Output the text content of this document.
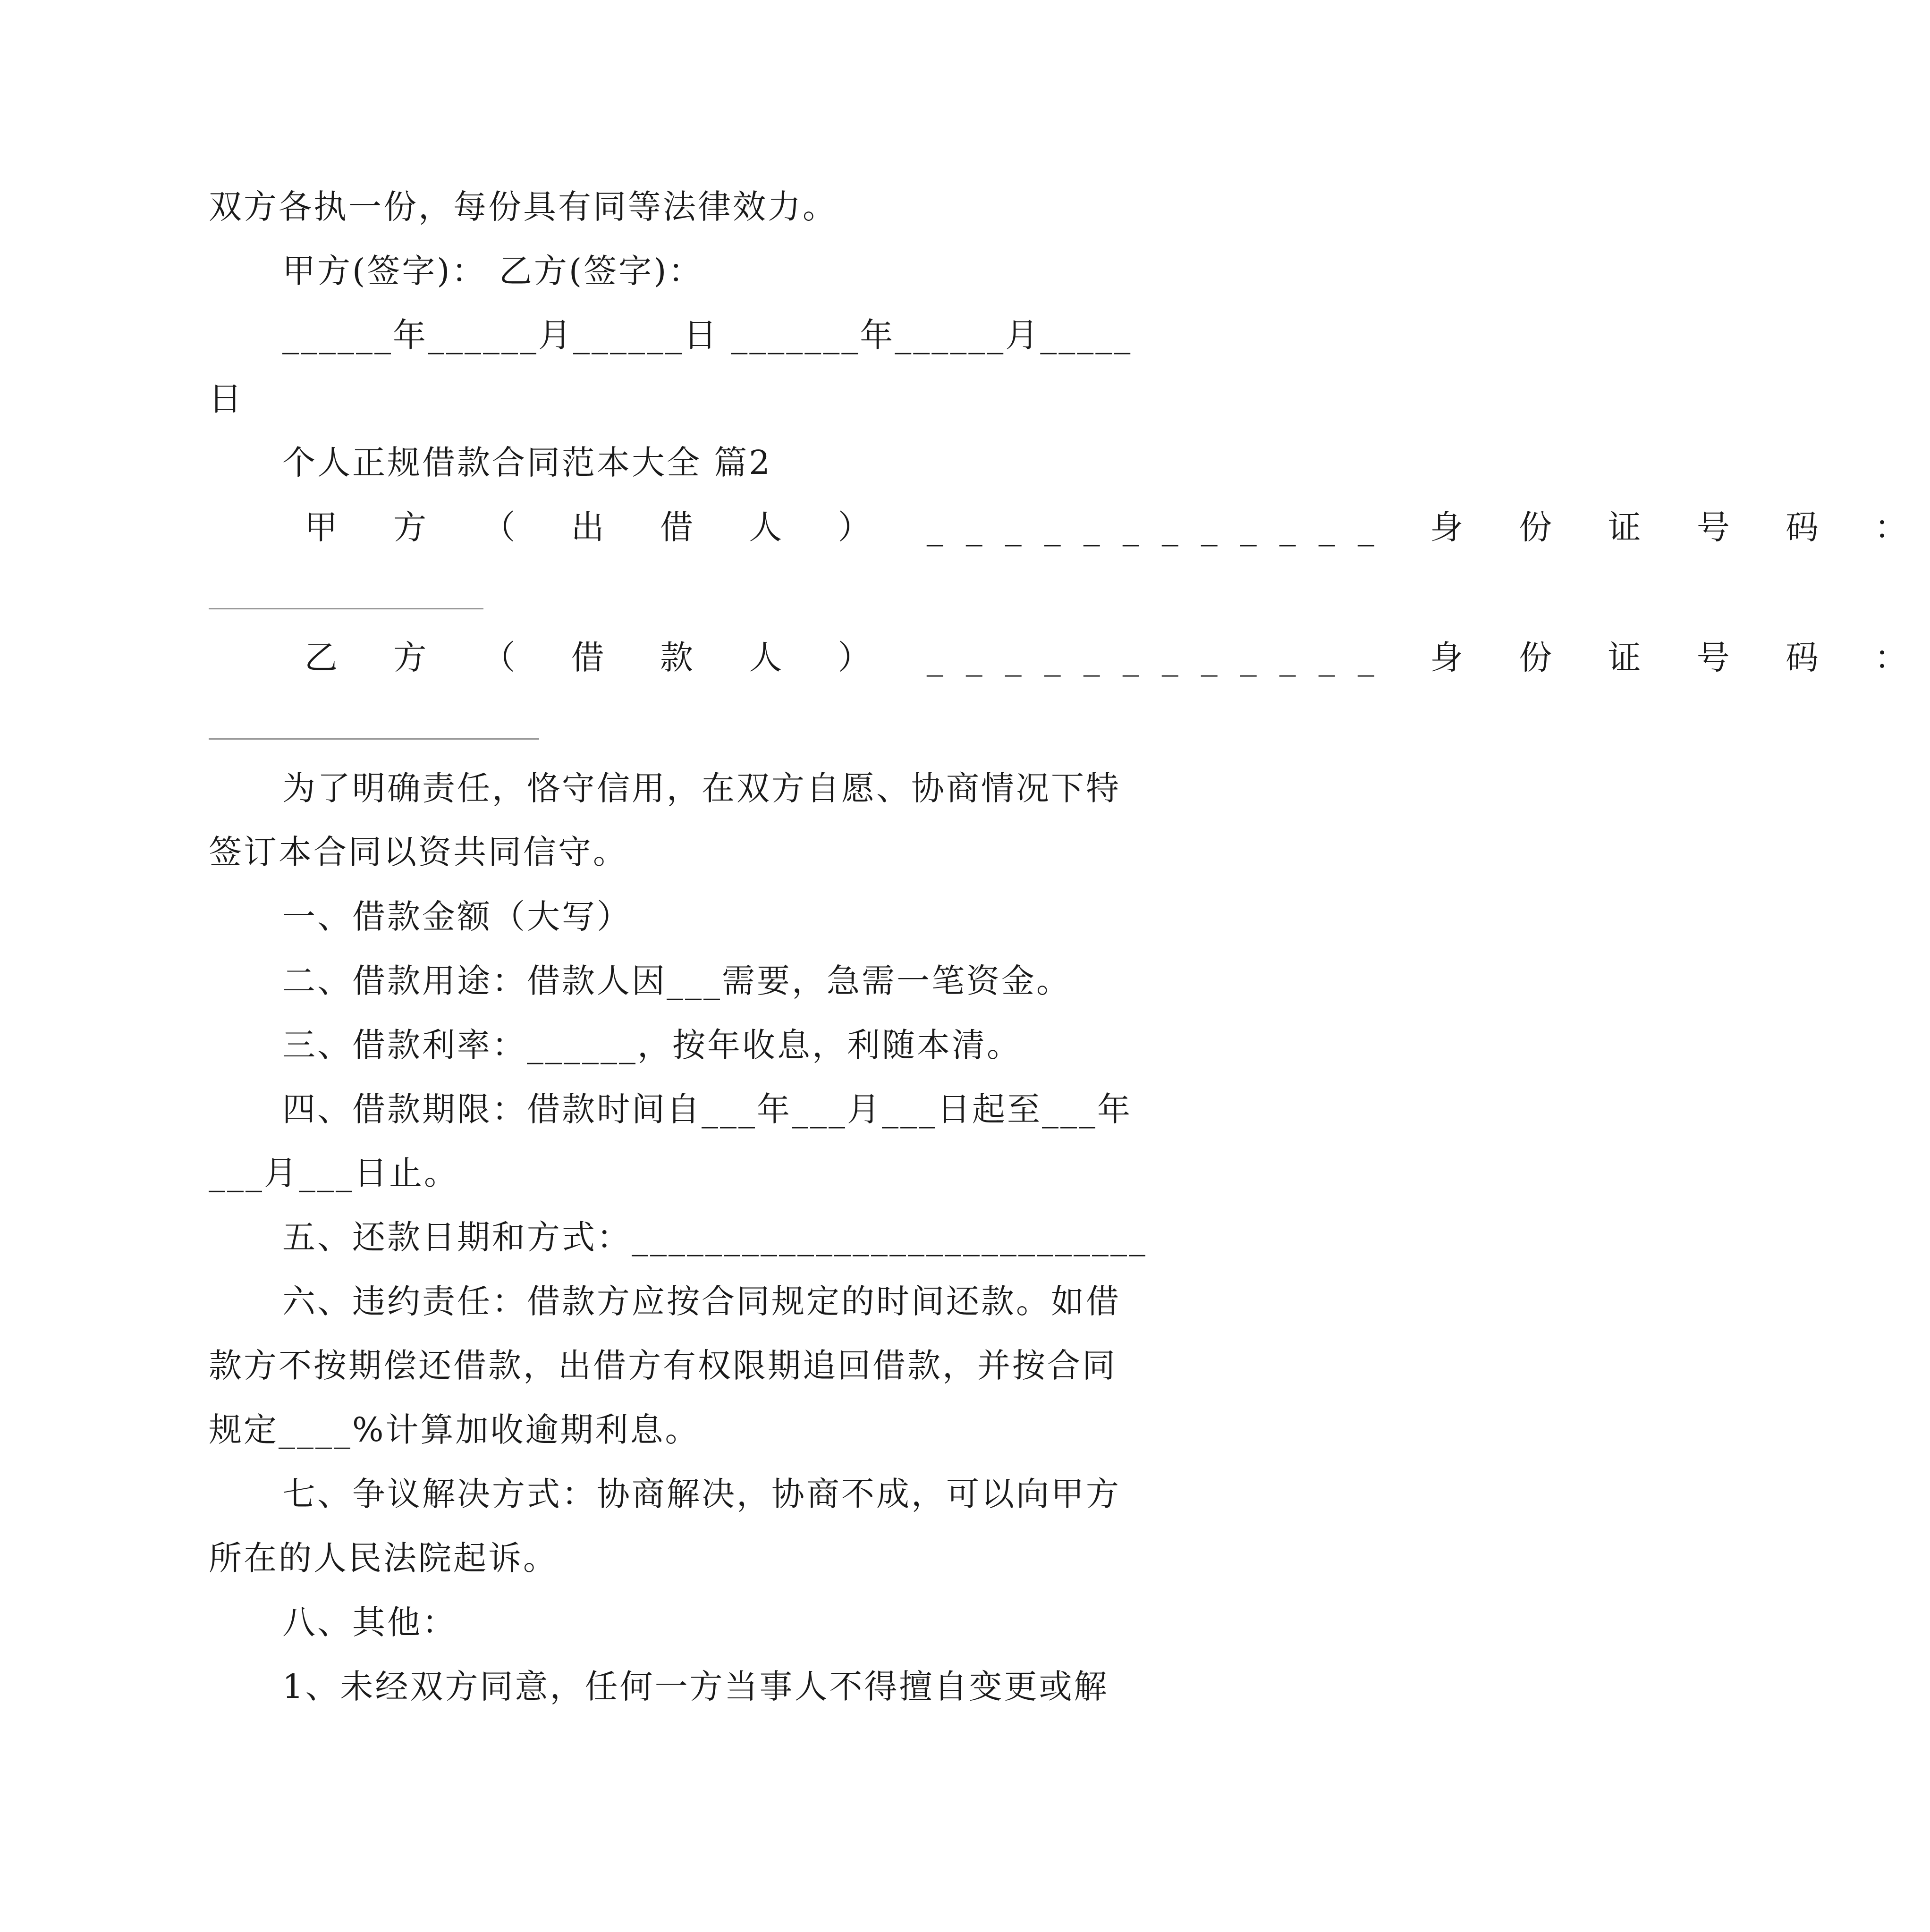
双方各执一份，每份具有同等法律效力。
甲方(签字)： 乙方(签字)：
______年______月______日 _______年______月_____
日
个人正规借款合同范本大全 篇2
甲 方 （ 出 借 人 ） ____________ 身 份 证 号 码 ：
乙 方 （ 借 款 人 ） ____________ 身 份 证 号 码 ：
为了明确责任，恪守信用，在双方自愿、协商情况下特
签订本合同以资共同信守。
一、借款金额（大写）
二、借款用途：借款人因___需要，急需一笔资金。
三、借款利率：______，按年收息，利随本清。
四、借款期限：借款时间自___年___月___日起至___年
___月___日止。
五、还款日期和方式：____________________________
六、违约责任：借款方应按合同规定的时间还款。如借
款方不按期偿还借款，出借方有权限期追回借款，并按合同
规定____%计算加收逾期利息。
七、争议解决方式：协商解决，协商不成，可以向甲方
所在的人民法院起诉。
八、其他：
1、未经双方同意，任何一方当事人不得擅自变更或解
